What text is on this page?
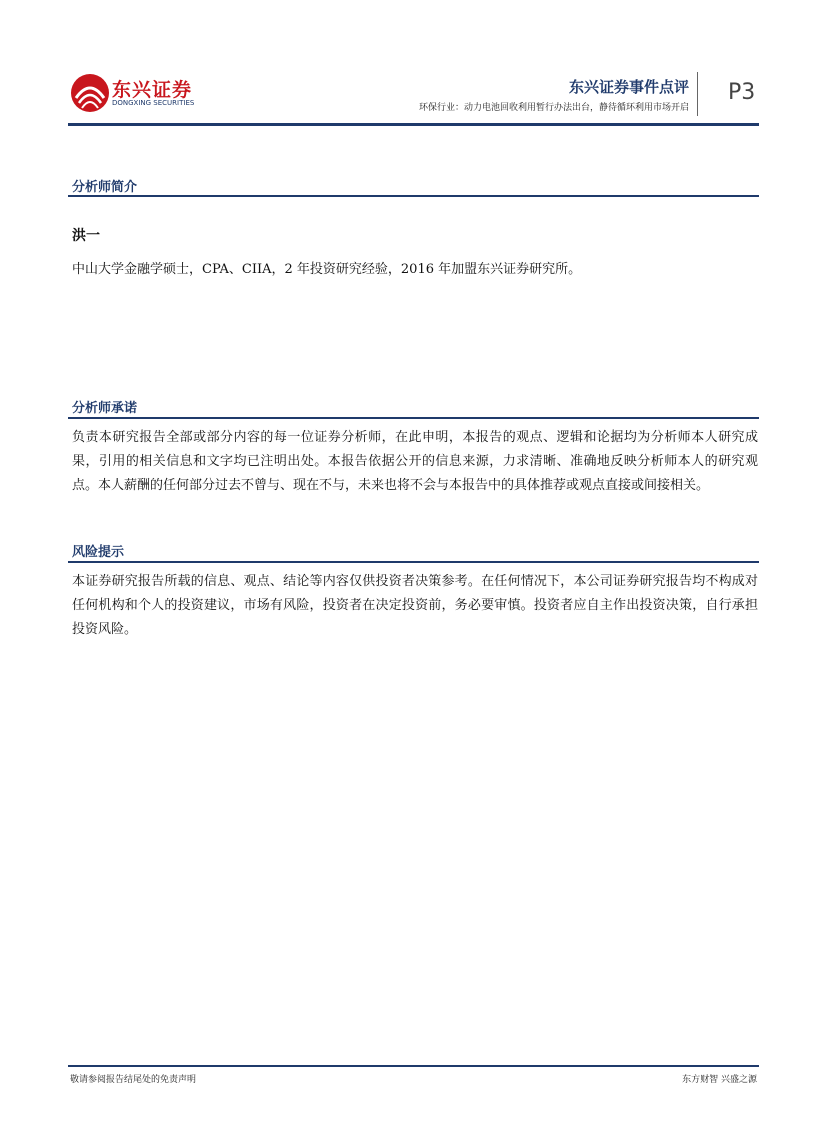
东兴证券
DONGXING SECURITIES
东兴证券事件点评
环保行业：动力电池回收利用暂行办法出台，静待循环利用市场开启
P3
分析师简介
洪一
中山大学金融学硕士，CPA、CIIA，2 年投资研究经验，2016 年加盟东兴证券研究所。
分析师承诺
负责本研究报告全部或部分内容的每一位证券分析师，在此申明，本报告的观点、逻辑和论据均为分析师本人研究成果，引用的相关信息和文字均已注明出处。本报告依据公开的信息来源，力求清晰、准确地反映分析师本人的研究观点。本人薪酬的任何部分过去不曾与、现在不与，未来也将不会与本报告中的具体推荐或观点直接或间接相关。
风险提示
本证券研究报告所载的信息、观点、结论等内容仅供投资者决策参考。在任何情况下，本公司证券研究报告均不构成对任何机构和个人的投资建议，市场有风险，投资者在决定投资前，务必要审慎。投资者应自主作出投资决策，自行承担投资风险。
敬请参阅报告结尾处的免责声明	东方财智 兴盛之源
